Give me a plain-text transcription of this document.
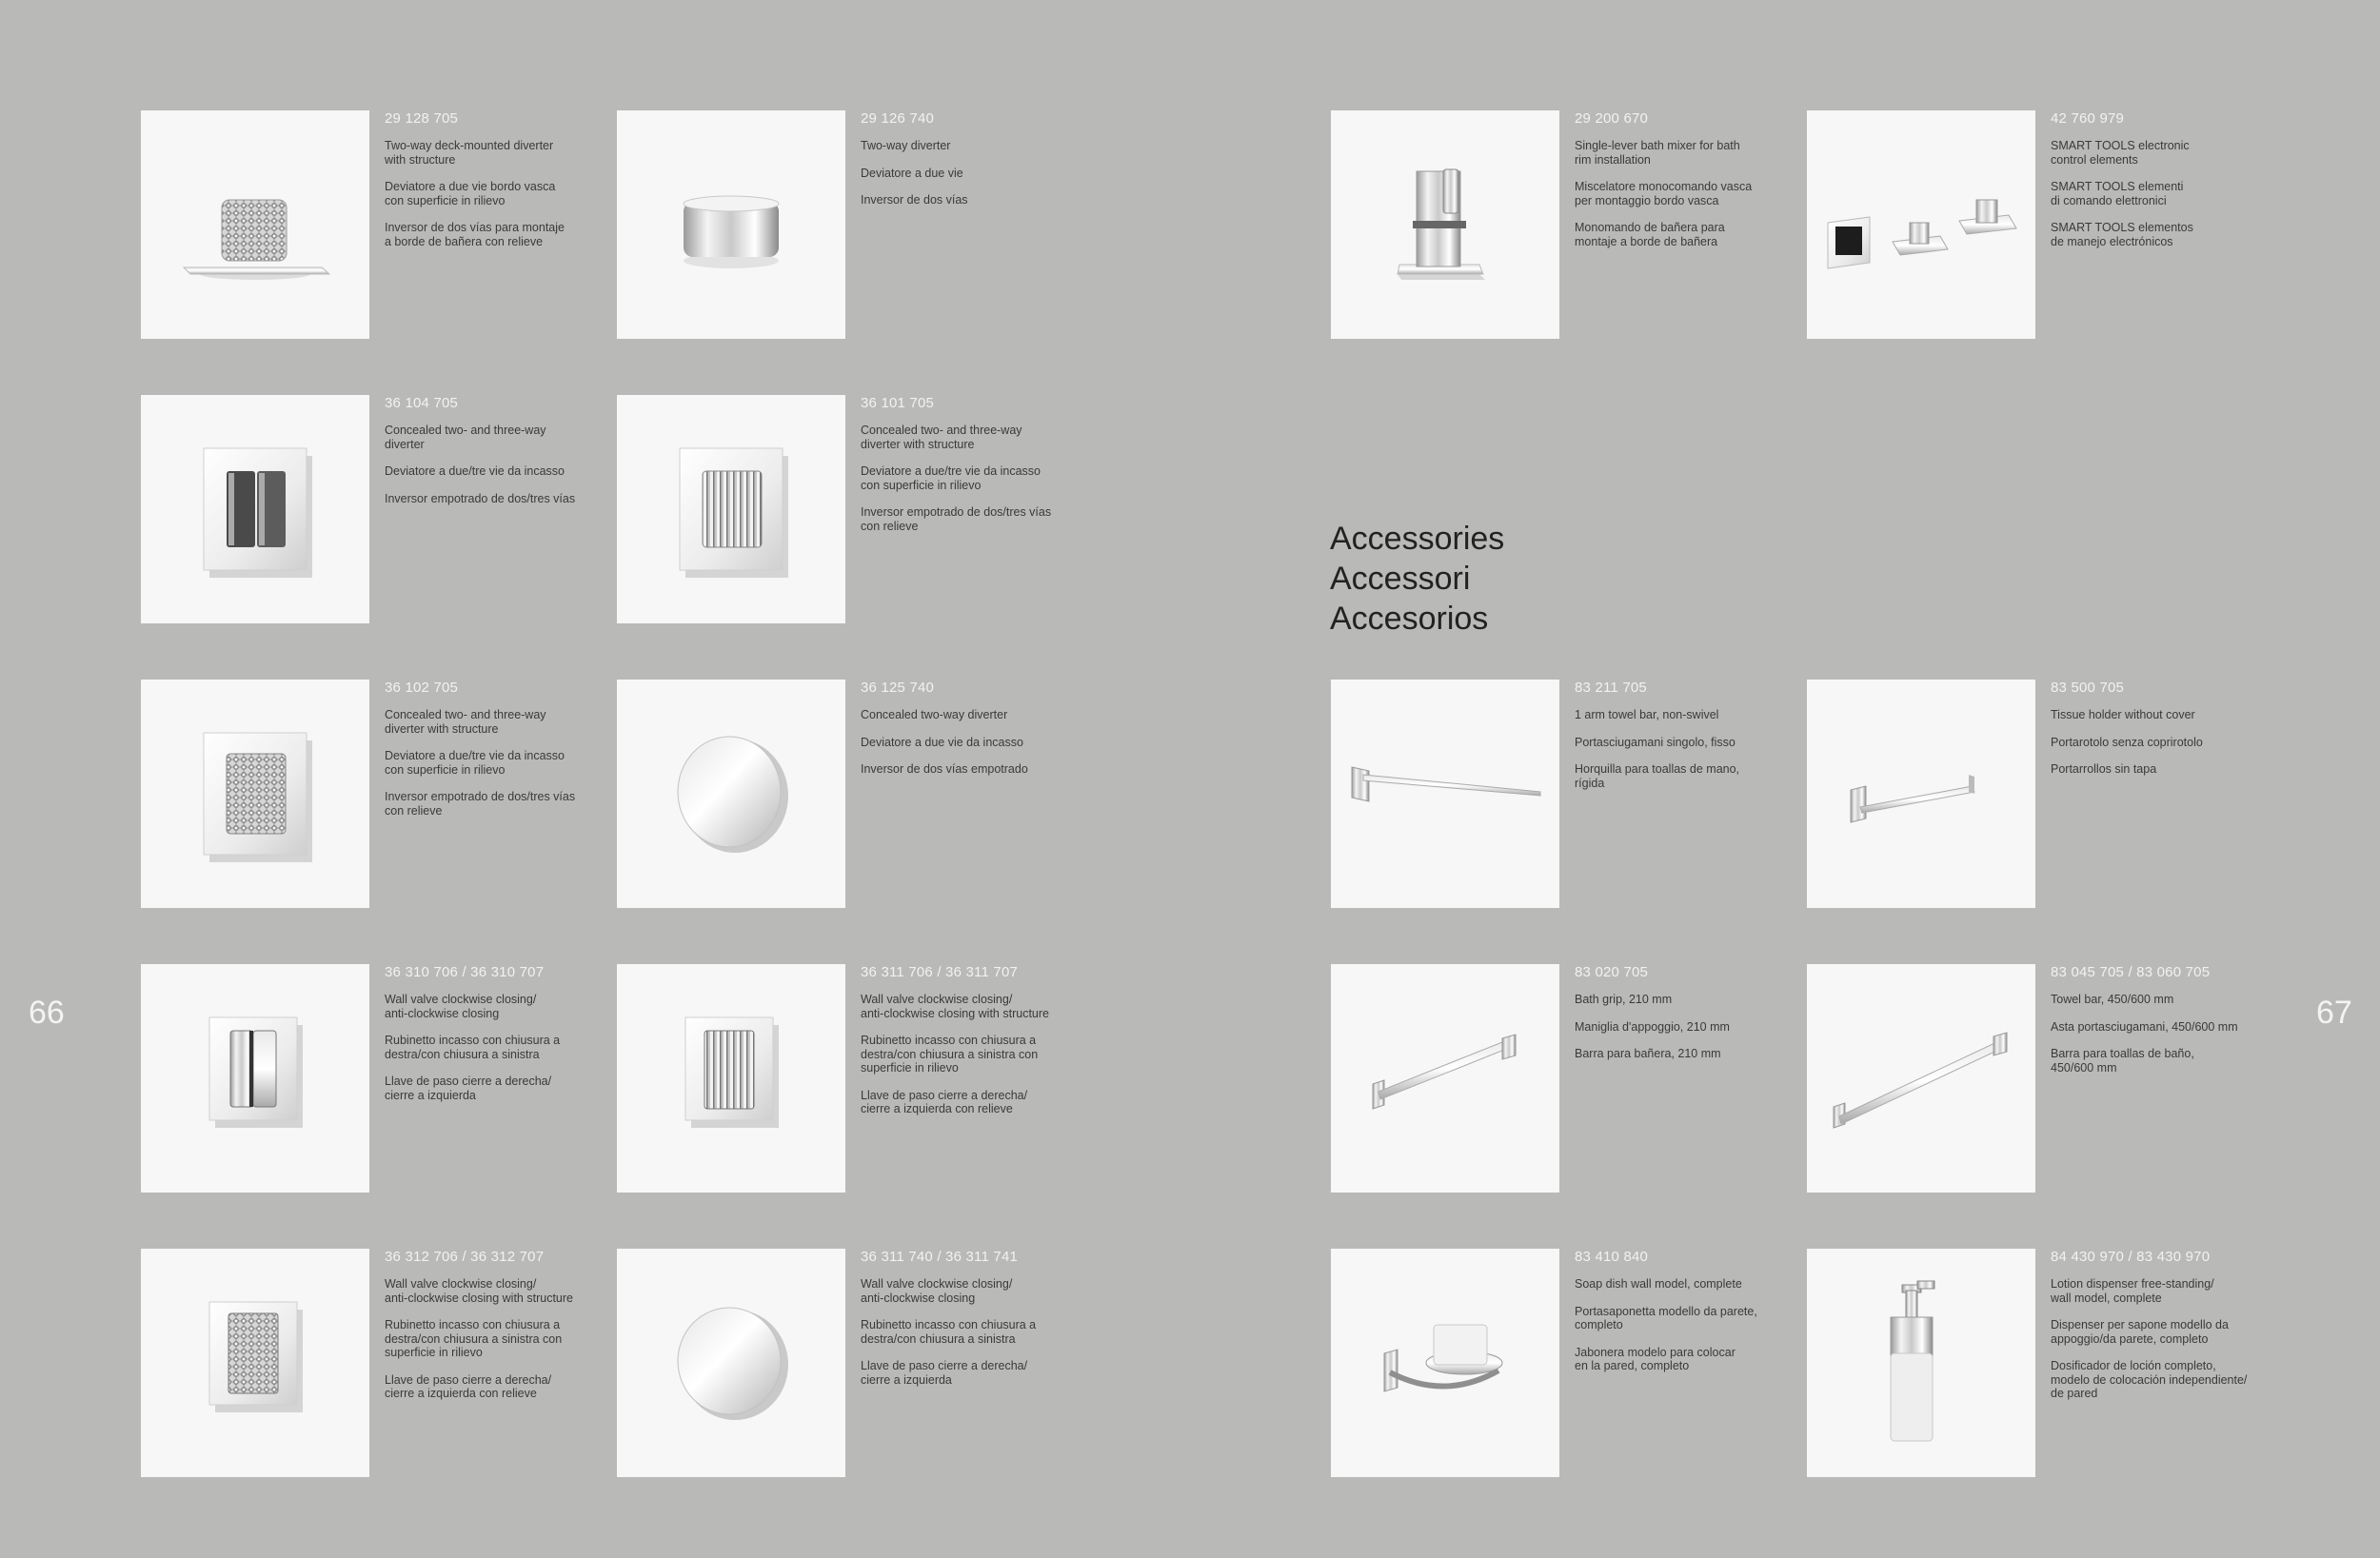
66	67
Accessories
Accessori
Accesorios
29 128 705
Two-way deck-mounted diverter
with structure
Deviatore a due vie bordo vasca
con superficie in rilievo
Inversor de dos vías para montaje
a borde de bañera con relieve
29 126 740
Two-way diverter
Deviatore a due vie
Inversor de dos vías
36 104 705
Concealed two- and three-way
diverter
Deviatore a due/tre vie da incasso
Inversor empotrado de dos/tres vías
36 101 705
Concealed two- and three-way
diverter with structure
Deviatore a due/tre vie da incasso
con superficie in rilievo
Inversor empotrado de dos/tres vías
con relieve
36 102 705
Concealed two- and three-way
diverter with structure
Deviatore a due/tre vie da incasso
con superficie in rilievo
Inversor empotrado de dos/tres vías
con relieve
36 125 740
Concealed two-way diverter
Deviatore a due vie da incasso
Inversor de dos vías empotrado
36 310 706 / 36 310 707
Wall valve clockwise closing/
anti-clockwise closing
Rubinetto incasso con chiusura a
destra/con chiusura a sinistra
Llave de paso cierre a derecha/
cierre a izquierda
36 311 706 / 36 311 707
Wall valve clockwise closing/
anti-clockwise closing with structure
Rubinetto incasso con chiusura a
destra/con chiusura a sinistra con
superficie in rilievo
Llave de paso cierre a derecha/
cierre a izquierda con relieve
36 312 706 / 36 312 707
Wall valve clockwise closing/
anti-clockwise closing with structure
Rubinetto incasso con chiusura a
destra/con chiusura a sinistra con
superficie in rilievo
Llave de paso cierre a derecha/
cierre a izquierda con relieve
36 311 740 / 36 311 741
Wall valve clockwise closing/
anti-clockwise closing
Rubinetto incasso con chiusura a
destra/con chiusura a sinistra
Llave de paso cierre a derecha/
cierre a izquierda
29 200 670
Single-lever bath mixer for bath
rim installation
Miscelatore monocomando vasca
per montaggio bordo vasca
Monomando de bañera para
montaje a borde de bañera
42 760 979
SMART TOOLS electronic
control elements
SMART TOOLS elementi
di comando elettronici
SMART TOOLS elementos
de manejo electrónicos
83 211 705
1 arm towel bar, non-swivel
Portasciugamani singolo, fisso
Horquilla para toallas de mano,
rígida
83 500 705
Tissue holder without cover
Portarotolo senza coprirotolo
Portarrollos sin tapa
83 020 705
Bath grip, 210 mm
Maniglia d'appoggio, 210 mm
Barra para bañera, 210 mm
83 045 705 / 83 060 705
Towel bar, 450/600 mm
Asta portasciugamani, 450/600 mm
Barra para toallas de baño,
450/600 mm
83 410 840
Soap dish wall model, complete
Portasaponetta modello da parete,
completo
Jabonera modelo para colocar
en la pared, completo
84 430 970 / 83 430 970
Lotion dispenser free-standing/
wall model, complete
Dispenser per sapone modello da
appoggio/da parete, completo
Dosificador de loción completo,
modelo de colocación independiente/
de pared
